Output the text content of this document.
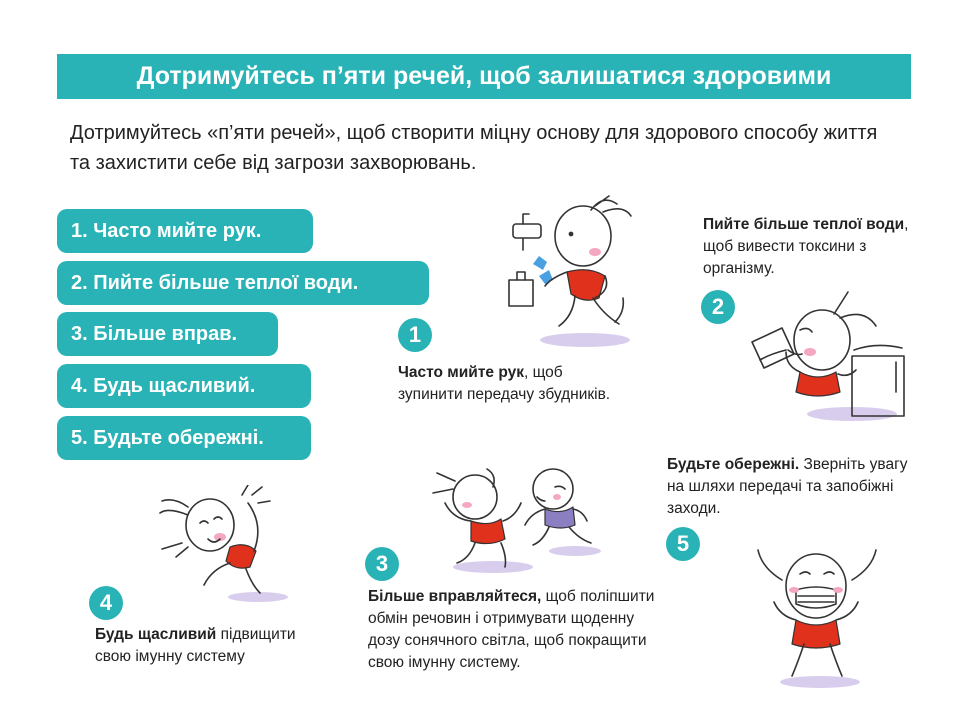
Дотримуйтесь п’яти речей, щоб залишатися здоровими
Дотримуйтесь «п’яти речей», щоб створити міцну основу для здорового способу життя та захистити себе від загрози захворювань.
1. Часто мийте рук.
2. Пийте більше теплої води.
3. Більше вправ.
4. Будь щасливий.
5. Будьте обережні.
1
Часто мийте рук, щоб зупинити передачу збудників.
Пийте більше теплої води, щоб вивести токсини з організму.
2
3
Більше вправляйтеся, щоб поліпшити обмін речовин і отримувати щоденну дозу сонячного світла, щоб покращити свою імунну систему.
4
Будь щасливий підвищити свою імунну систему
Будьте обережні. Зверніть увагу на шляхи передачі та запобіжні заходи.
5
